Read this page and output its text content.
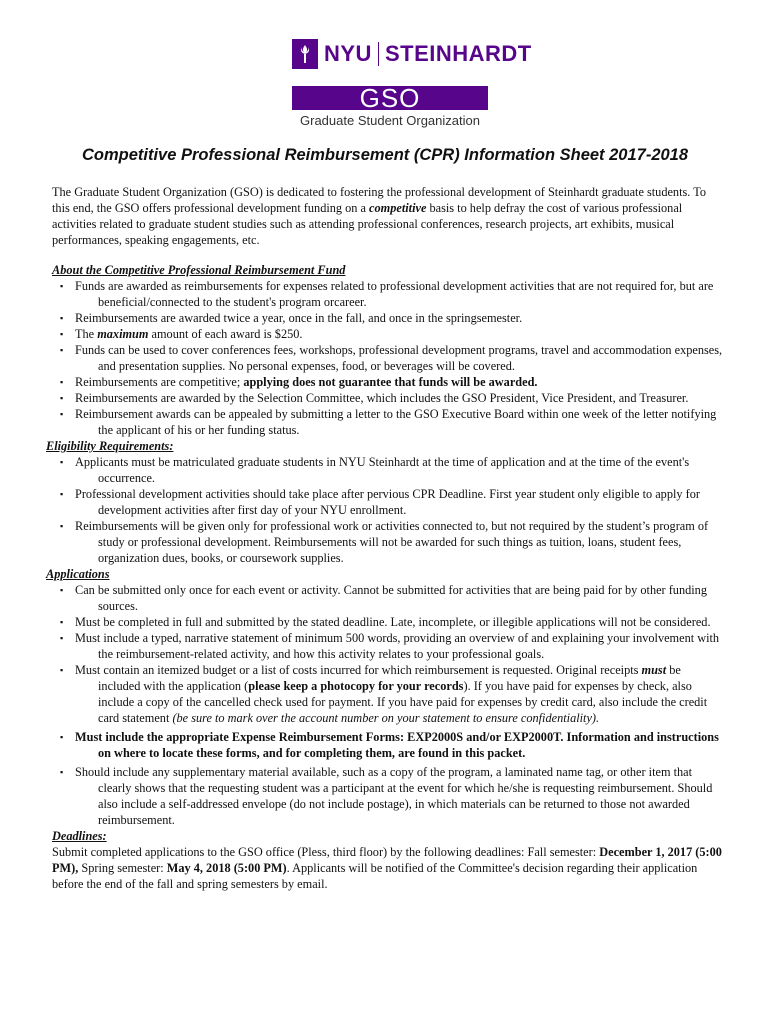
NYU STEINHARDT
GSO
Graduate Student Organization
Competitive Professional Reimbursement (CPR) Information Sheet 2017-2018

The Graduate Student Organization (GSO) is dedicated to fostering the professional development of Steinhardt graduate students. To this end, the GSO offers professional development funding on a competitive basis to help defray the cost of various professional activities related to graduate student studies such as attending professional conferences, research projects, art exhibits, musical performances, speaking engagements, etc.

About the Competitive Professional Reimbursement Fund

▪ Funds are awarded as reimbursements for expenses related to professional development activities that are not required for, but are beneficial/connected to the student's program orcareer.
▪ Reimbursements are awarded twice a year, once in the fall, and once in the springsemester.
▪ The maximum amount of each award is $250.
▪ Funds can be used to cover conferences fees, workshops, professional development programs, travel and accommodation expenses, and presentation supplies. No personal expenses, food, or beverages will be covered.
▪ Reimbursements are competitive; applying does not guarantee that funds will be awarded.
▪ Reimbursements are awarded by the Selection Committee, which includes the GSO President, Vice President, and Treasurer.
▪ Reimbursement awards can be appealed by submitting a letter to the GSO Executive Board within one week of the letter notifying the applicant of his or her funding status.

Eligibility Requirements:

▪ Applicants must be matriculated graduate students in NYU Steinhardt at the time of application and at the time of the event's occurrence.
▪ Professional development activities should take place after pervious CPR Deadline. First year student only eligible to apply for development activities after first day of your NYU enrollment.
▪ Reimbursements will be given only for professional work or activities connected to, but not required by the student’s program of study or professional development. Reimbursements will not be awarded for such things as tuition, loans, student fees, organization dues, books, or coursework supplies.

Applications

▪ Can be submitted only once for each event or activity. Cannot be submitted for activities that are being paid for by other funding sources.
▪ Must be completed in full and submitted by the stated deadline. Late, incomplete, or illegible applications will not be considered.
▪ Must include a typed, narrative statement of minimum 500 words, providing an overview of and explaining your involvement with the reimbursement-related activity, and how this activity relates to your professional goals.
▪ Must contain an itemized budget or a list of costs incurred for which reimbursement is requested. Original receipts must be included with the application (please keep a photocopy for your records). If you have paid for expenses by check, also include a copy of the cancelled check used for payment. If you have paid for expenses by credit card, also include the credit card statement (be sure to mark over the account number on your statement to ensure confidentiality).
▪ Must include the appropriate Expense Reimbursement Forms: EXP2000S and/or EXP2000T. Information and instructions on where to locate these forms, and for completing them, are found in this packet.
▪ Should include any supplementary material available, such as a copy of the program, a laminated name tag, or other item that clearly shows that the requesting student was a participant at the event for which he/she is requesting reimbursement. Should also include a self-addressed envelope (do not include postage), in which materials can be returned to those not awarded reimbursement.

Deadlines:

Submit completed applications to the GSO office (Pless, third floor) by the following deadlines: Fall semester: December 1, 2017 (5:00 PM), Spring semester: May 4, 2018 (5:00 PM). Applicants will be notified of the Committee's decision regarding their application before the end of the fall and spring semesters by email.
